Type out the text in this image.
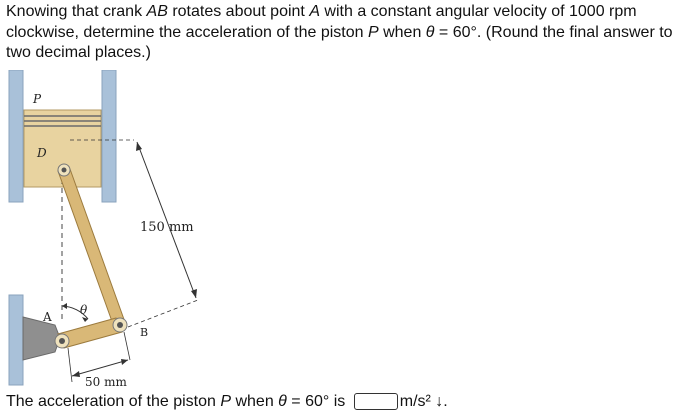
Knowing that crank AB rotates about point A with a constant angular velocity of 1000 rpm clockwise, determine the acceleration of the piston P when θ = 60°. (Round the final answer to two decimal places.)

P
D
A θ
B
150 mm
50 mm
The acceleration of the piston P when θ = 60° is	m/s² ↓.
